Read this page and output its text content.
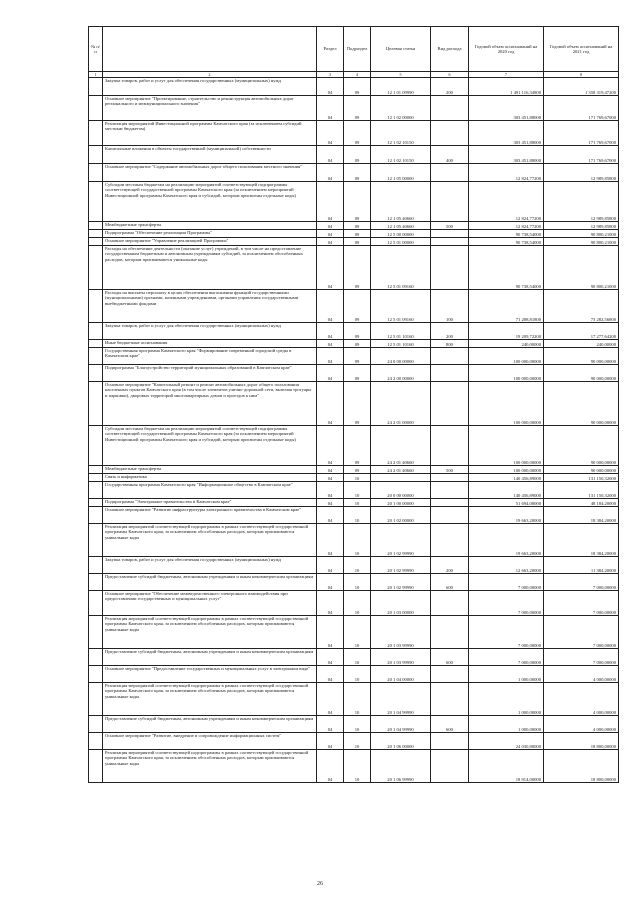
№ п/п		Раздел	Подраздел	Целевая статья	Вид расхода	Годовой объем ассигнований на 2020 год	Годовой объем ассигнований на 2021 год
1	2	3	4	5	6	7	8
	Закупка товаров, работ и услуг для обеспечения государственных (муниципальных) нужд	04	09	12 1 01 09990	200	1 491 116,34800	1 358 319,47200
	Основное мероприятие "Проектирование, строительство и реконструкция автомобильных дорог регионального и межмуниципального значения"	04	09	12 1 02 00000		303 451,88000	171 769,67000
	Реализация мероприятий Инвестиционной программы Камчатского края (за исключением субсидий местным бюджетам)	04	09	12 1 02 10150		303 451,88000	171 769,67000
	Капитальные вложения в объекты государственной (муниципальной) собственности	04	09	12 1 02 10150	400	303 451,88000	171 769,67000
	Основное мероприятие "Содержание автомобильных дорог общего пользования местного значения"	04	09	12 1 05 00000		12 824,77200	12 989,85800
	Субсидии местным бюджетам на реализацию мероприятий соответствующей подпрограммы соответствующей государственной программы Камчатского края (за исключением мероприятий Инвестиционной программы Камчатского края и субсидий, которым присвоены отдельные коды)	04	09	12 1 05 40660		12 824,77200	12 989,85800
	Межбюджетные трансферты	04	09	12 1 05 40660	500	12 824,77200	12 989,85800
	Подпрограмма "Обеспечение реализации Программы"	04	09	12 5 00 00000		90 738,54000	90 800,21000
	Основное мероприятие "Управление реализацией Программы"	04	09	12 5 01 00000		90 738,54000	90 800,21000
	Расходы на обеспечение деятельности (оказание услуг) учреждений, в том числе на предоставление государственным бюджетным и автономным учреждениям субсидий, за исключением обособленных расходов, которым присваиваются уникальные коды	04	09	12 5 01 09160		90 738,54000	90 800,21000
	Расходы на выплаты персоналу в целях обеспечения выполнения функций государственными (муниципальными) органами, казенными учреждениями, органами управления государственными внебюджетными фондами	04	09	12 5 01 09160	100	71 288,81800	73 282,56800
	Закупка товаров, работ и услуг для обеспечения государственных (муниципальных) нужд	04	09	12 5 01 10160	200	19 209,72200	17 277,64200
	Иные бюджетные ассигнования	04	09	12 5 01 10160	800	240,00000	240,00000
	Государственная программа Камчатского края "Формирование современной городской среды в Камчатском крае"	04	09	24 0 00 00000		100 000,00000	90 000,00000
	Подпрограмма "Благоустройство территорий муниципальных образований в Камчатском крае"	04	09	24 2 00 00000		100 000,00000	90 000,00000
	Основное мероприятие "Капитальный ремонт и ремонт автомобильных дорог общего пользования населенных пунктов Камчатского края (в том числе элементов улично-дорожной сети, включая тротуары и парковки), дворовых территорий многоквартирных домов и проездов к ним"	04	09	24 2 01 00000		100 000,00000	90 000,00000
	Субсидии местным бюджетам на реализацию мероприятий соответствующей подпрограммы соответствующей государственной программы Камчатского края (за исключением мероприятий Инвестиционной программы Камчатского края и субсидий, которым присвоены отдельные коды)	04	09	24 2 01 40660		100 000,00000	90 000,00000
	Межбюджетные трансферты	04	09	24 2 01 40660	500	100 000,00000	90 000,00000
	Связь и информатика	04	10			140 456,89000	131 150,32000
	Государственная программа Камчатского края "Информационное общество в Камчатском крае"	04	10	20 0 00 00000		140 456,89000	131 150,32000
	Подпрограмма "Электронное правительство в Камчатском крае"	04	10	20 1 00 00000		51 694,00000	48 184,20000
	Основное мероприятие "Развитие инфраструктуры электронного правительства в Камчатском крае"	04	10	20 1 02 00000		19 663,20000	18 384,20000
	Реализация мероприятий соответствующей подпрограммы в рамках соответствующей государственной программы Камчатского края, за исключением обособленных расходов, которым присваиваются уникальные коды	04	10	20 1 02 99990		19 663,20000	18 384,20000
	Закупка товаров, работ и услуг для обеспечения государственных (муниципальных) нужд	04	10	20 1 02 99990	200	12 663,20000	11 384,20000
	Предоставление субсидий бюджетным, автономным учреждениям и иным некоммерческим организациям	04	10	20 1 02 99990	600	7 000,00000	7 000,00000
	Основное мероприятие "Обеспечение межведомственного электронного взаимодействия при предоставлении государственных и муниципальных услуг"	04	10	20 1 03 00000		7 000,00000	7 000,00000
	Реализация мероприятий соответствующей подпрограммы в рамках соответствующей государственной программы Камчатского края, за исключением обособленных расходов, которым присваиваются уникальные коды	04	10	20 1 03 99990		7 000,00000	7 000,00000
	Предоставление субсидий бюджетным, автономным учреждениям и иным некоммерческим организациям	04	10	20 1 03 99990	600	7 000,00000	7 000,00000
	Основное мероприятие "Предоставление государственных и муниципальных услуг в электронном виде"	04	10	20 1 04 00000		1 000,00000	4 000,00000
	Реализация мероприятий соответствующей подпрограммы в рамках соответствующей государственной программы Камчатского края, за исключением обособленных расходов, которым присваиваются уникальные коды	04	10	20 1 04 99990		1 000,00000	4 000,00000
	Предоставление субсидий бюджетным, автономным учреждениям и иным некоммерческим организациям	04	10	20 1 04 99990	600	1 000,00000	4 000,00000
	Основное мероприятие "Развитие, внедрение и сопровождение информационных систем"	04	10	20 1 06 00000		24 030,80000	18 800,00000
	Реализация мероприятий соответствующей подпрограммы в рамках соответствующей государственной программы Камчатского края, за исключением обособленных расходов, которым присваиваются уникальные коды	04	10	20 1 06 99990		18 914,00000	18 800,00000
26
